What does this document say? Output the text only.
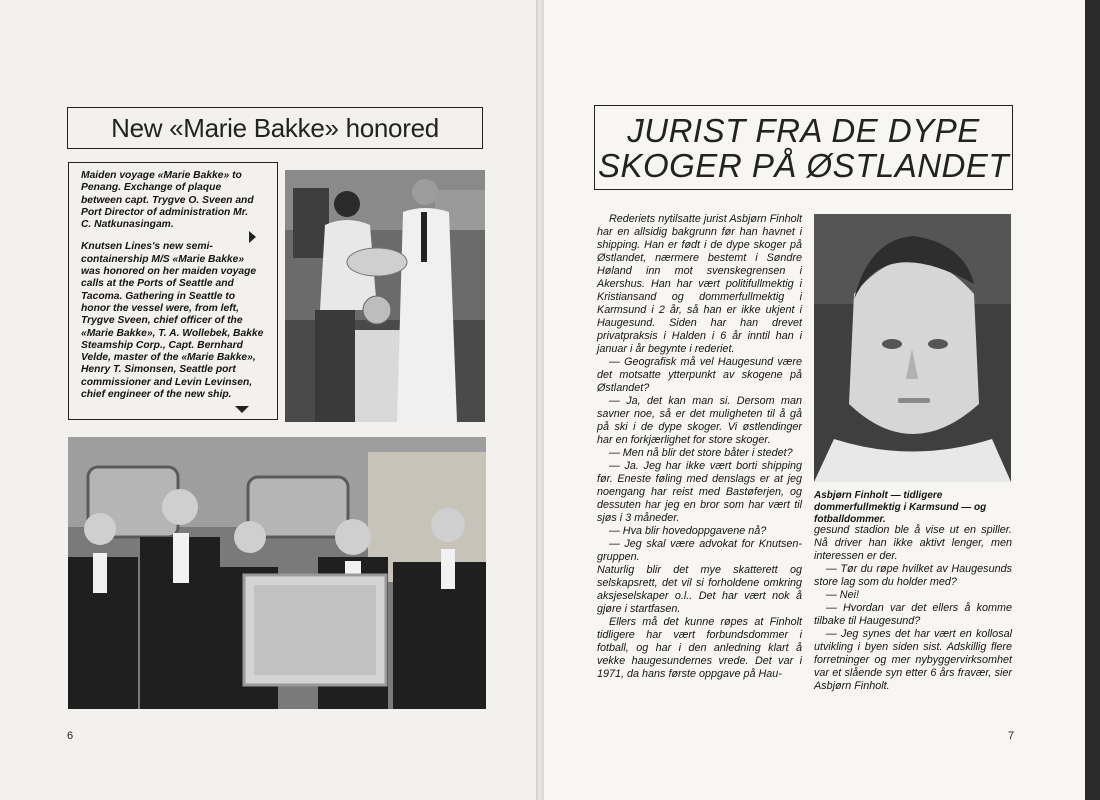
New «Marie Bakke» honored

Maiden voyage «Marie Bakke» to Penang. Exchange of plaque between capt. Trygve O. Sveen and Port Director of administration Mr. C. Natkunasingam.

Knutsen Lines's new semi-containership M/S «Marie Bakke» was honored on her maiden voyage calls at the Ports of Seattle and Tacoma. Gathering in Seattle to honor the vessel were, from left, Trygve Sveen, chief officer of the «Marie Bakke», T. A. Wollebek, Bakke Steamship Corp., Capt. Bernhard Velde, master of the «Marie Bakke», Henry T. Simonsen, Seattle port commissioner and Levin Levinsen, chief engineer of the new ship.

6
JURIST FRA DE DYPE
SKOGER PÅ ØSTLANDET

Rederiets nytilsatte jurist Asbjørn Finholt har en allsidig bakgrunn før han havnet i shipping. Han er født i de dype skoger på Østlandet, nærmere bestemt i Søndre Høland inn mot svenskegrensen i Akershus. Han har vært politifullmektig i Kristiansand og dommerfullmektig i Karmsund i 2 år, så han er ikke ukjent i Haugesund. Siden har han drevet privatpraksis i Halden i 6 år inntil han i januar i år begynte i rederiet.

— Geografisk må vel Haugesund være det motsatte ytterpunkt av skogene på Østlandet?

— Ja, det kan man si. Dersom man savner noe, så er det muligheten til å gå på ski i de dype skoger. Vi østlendinger har en forkjærlighet for store skoger.

— Men nå blir det store båter i stedet?

— Ja. Jeg har ikke vært borti shipping før. Eneste føling med denslags er at jeg noengang har reist med Bastøferjen, og dessuten har jeg en bror som har vært til sjøs i 3 måneder.

— Hva blir hovedoppgavene nå?

— Jeg skal være advokat for Knutsen-gruppen.

Naturlig blir det mye skatterett og selskapsrett, det vil si forholdene omkring aksjeselskaper o.l.. Det har vært nok å gjøre i startfasen.

Ellers må det kunne røpes at Finholt tidligere har vært forbundsdommer i fotball, og har i den anledning klart å vekke haugesundernes vrede. Det var i 1971, da hans første oppgave på Hau-

Asbjørn Finholt — tidligere dommerfullmektig i Karmsund — og fotballdommer.

gesund stadion ble å vise ut en spiller. Nå driver han ikke aktivt lenger, men interessen er der.

— Tør du røpe hvilket av Haugesunds store lag som du holder med?

— Nei!

— Hvordan var det ellers å komme tilbake til Haugesund?

— Jeg synes det har vært en kollosal utvikling i byen siden sist. Adskillig flere forretninger og mer nybyggervirksomhet var et slående syn etter 6 års fravær, sier Asbjørn Finholt.

7
